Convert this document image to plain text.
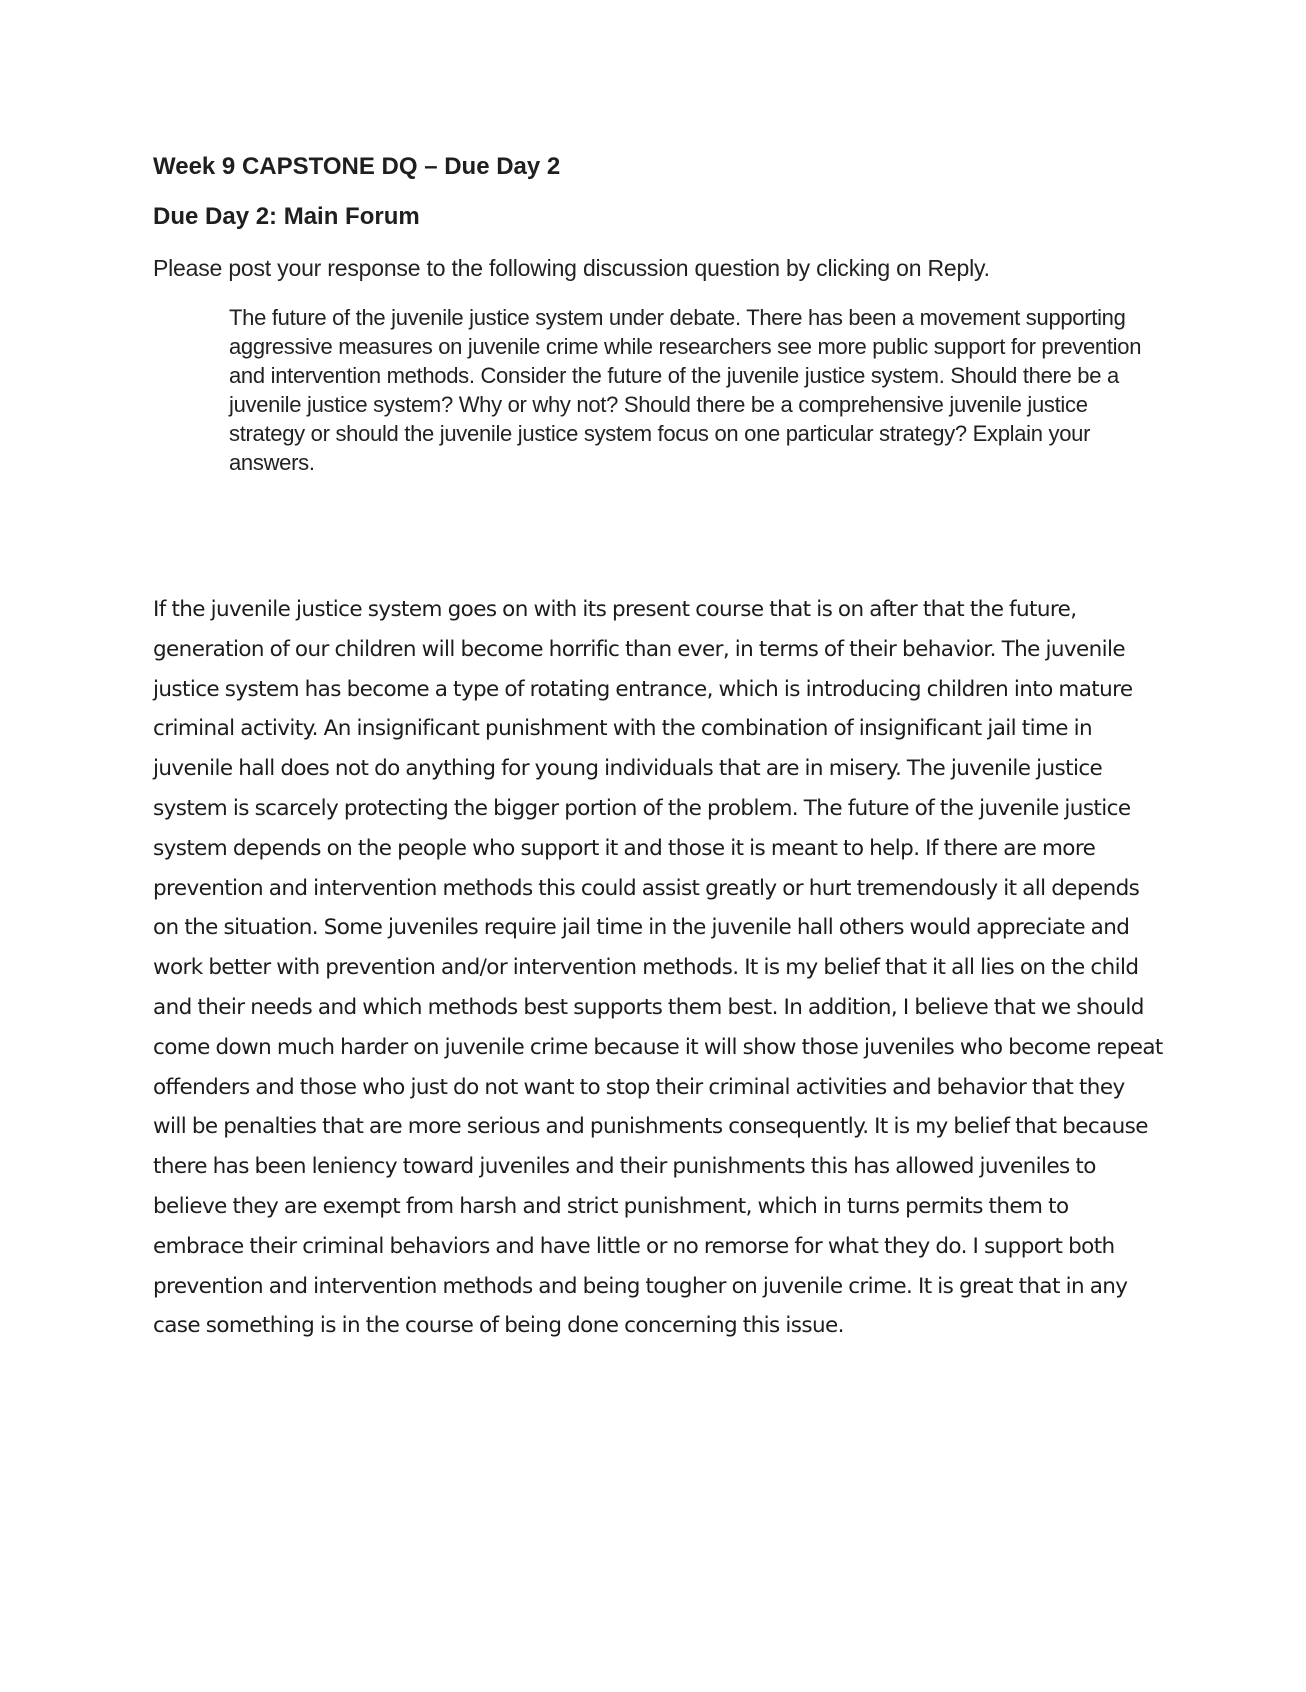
Week 9 CAPSTONE DQ – Due Day 2
Due Day 2: Main Forum

Please post your response to the following discussion question by clicking on Reply.

The future of the juvenile justice system under debate. There has been a movement supporting aggressive measures on juvenile crime while researchers see more public support for prevention and intervention methods. Consider the future of the juvenile justice system. Should there be a juvenile justice system? Why or why not? Should there be a comprehensive juvenile justice strategy or should the juvenile justice system focus on one particular strategy? Explain your answers.

If the juvenile justice system goes on with its present course that is on after that the future, generation of our children will become horrific than ever, in terms of their behavior. The juvenile justice system has become a type of rotating entrance, which is introducing children into mature criminal activity. An insignificant punishment with the combination of insignificant jail time in juvenile hall does not do anything for young individuals that are in misery. The juvenile justice system is scarcely protecting the bigger portion of the problem. The future of the juvenile justice system depends on the people who support it and those it is meant to help. If there are more prevention and intervention methods this could assist greatly or hurt tremendously it all depends on the situation. Some juveniles require jail time in the juvenile hall others would appreciate and work better with prevention and/or intervention methods. It is my belief that it all lies on the child and their needs and which methods best supports them best. In addition, I believe that we should come down much harder on juvenile crime because it will show those juveniles who become repeat offenders and those who just do not want to stop their criminal activities and behavior that they will be penalties that are more serious and punishments consequently. It is my belief that because there has been leniency toward juveniles and their punishments this has allowed juveniles to believe they are exempt from harsh and strict punishment, which in turns permits them to embrace their criminal behaviors and have little or no remorse for what they do. I support both prevention and intervention methods and being tougher on juvenile crime. It is great that in any case something is in the course of being done concerning this issue.
